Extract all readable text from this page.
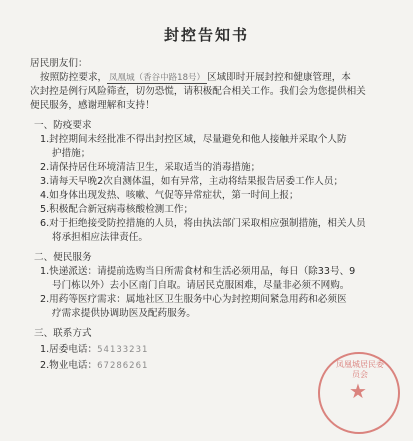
封控告知书
居民朋友们：
按照防控要求， 凤凰城（香谷中路18号） 区域即时开展封控和健康管理，本
次封控是例行风险筛查，切勿恐慌，请积极配合相关工作。我们会为您提供相关
便民服务，感谢理解和支持！
一、防疫要求
1.封控期间未经批准不得出封控区域，尽量避免和他人接触并采取个人防
护措施；
2.请保持居住环境清洁卫生，采取适当的消毒措施；
3.请每天早晚2次自测体温，如有异常，主动将结果报告居委工作人员；
4.如身体出现发热、咳嗽、气促等异常症状，第一时间上报；
5.积极配合新冠病毒核酸检测工作；
6.对于拒绝接受防控措施的人员，将由执法部门采取相应强制措施，相关人员
将承担相应法律责任。
二、便民服务
1.快递派送：请提前选购当日所需食材和生活必须用品，每日（除33号、9
号门栋以外）去小区南门自取。请居民克服困难，尽量非必须不网购。
2.用药等医疗需求：属地社区卫生服务中心为封控期间紧急用药和必须医
疗需求提供协调助医及配药服务。
三、联系方式
1.居委电话：54133231
2.物业电话：67286261	凤凰城居民委员会
★
